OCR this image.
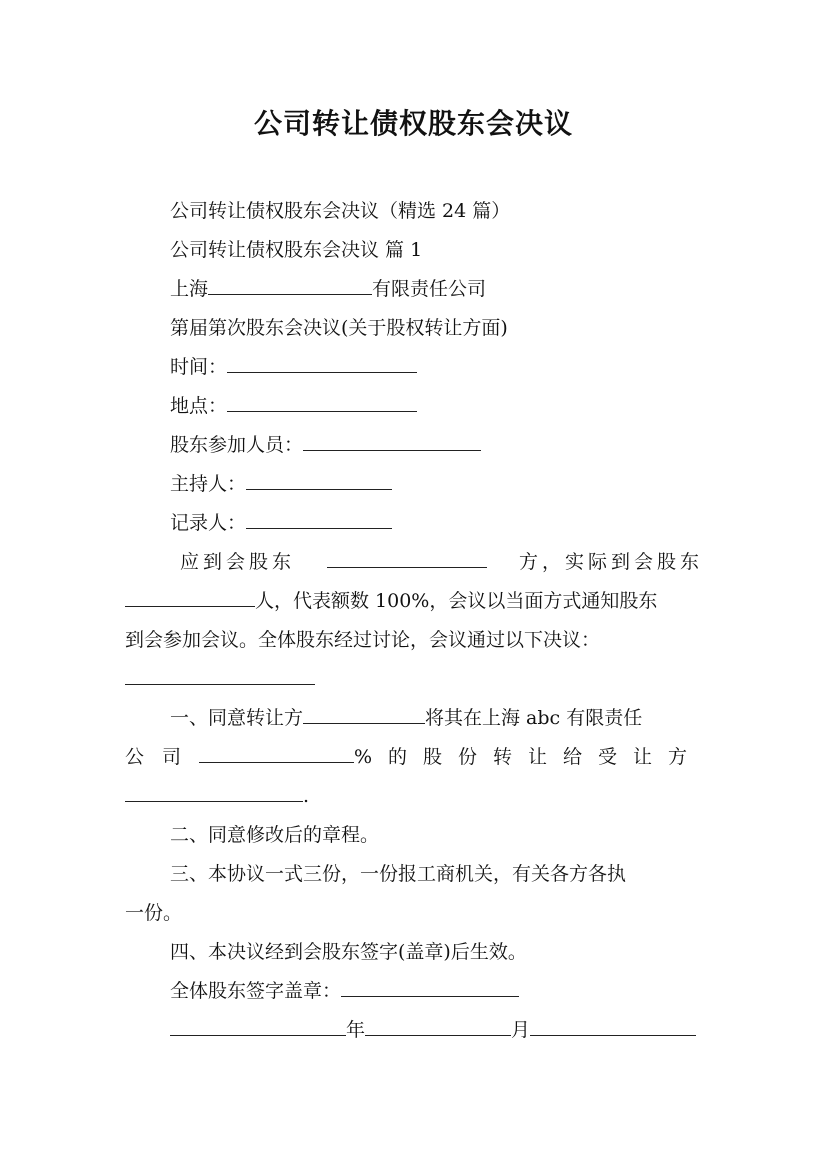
公司转让债权股东会决议
公司转让债权股东会决议（精选 24 篇）
公司转让债权股东会决议 篇 1
上海	有限责任公司
第届第次股东会决议(关于股权转让方面)
时间：
地点：
股东参加人员：
主持人：
记录人：
应到会股东	方，实际到会股东
人，代表额数 100%，会议以当面方式通知股东
到会参加会议。全体股东经过讨论，会议通过以下决议：
一、同意转让方	将其在上海 abc 有限责任
公司	%的股份转让给受让方
.
二、同意修改后的章程。
三、本协议一式三份，一份报工商机关，有关各方各执
一份。
四、本决议经到会股东签字(盖章)后生效。
全体股东签字盖章：
年	月
